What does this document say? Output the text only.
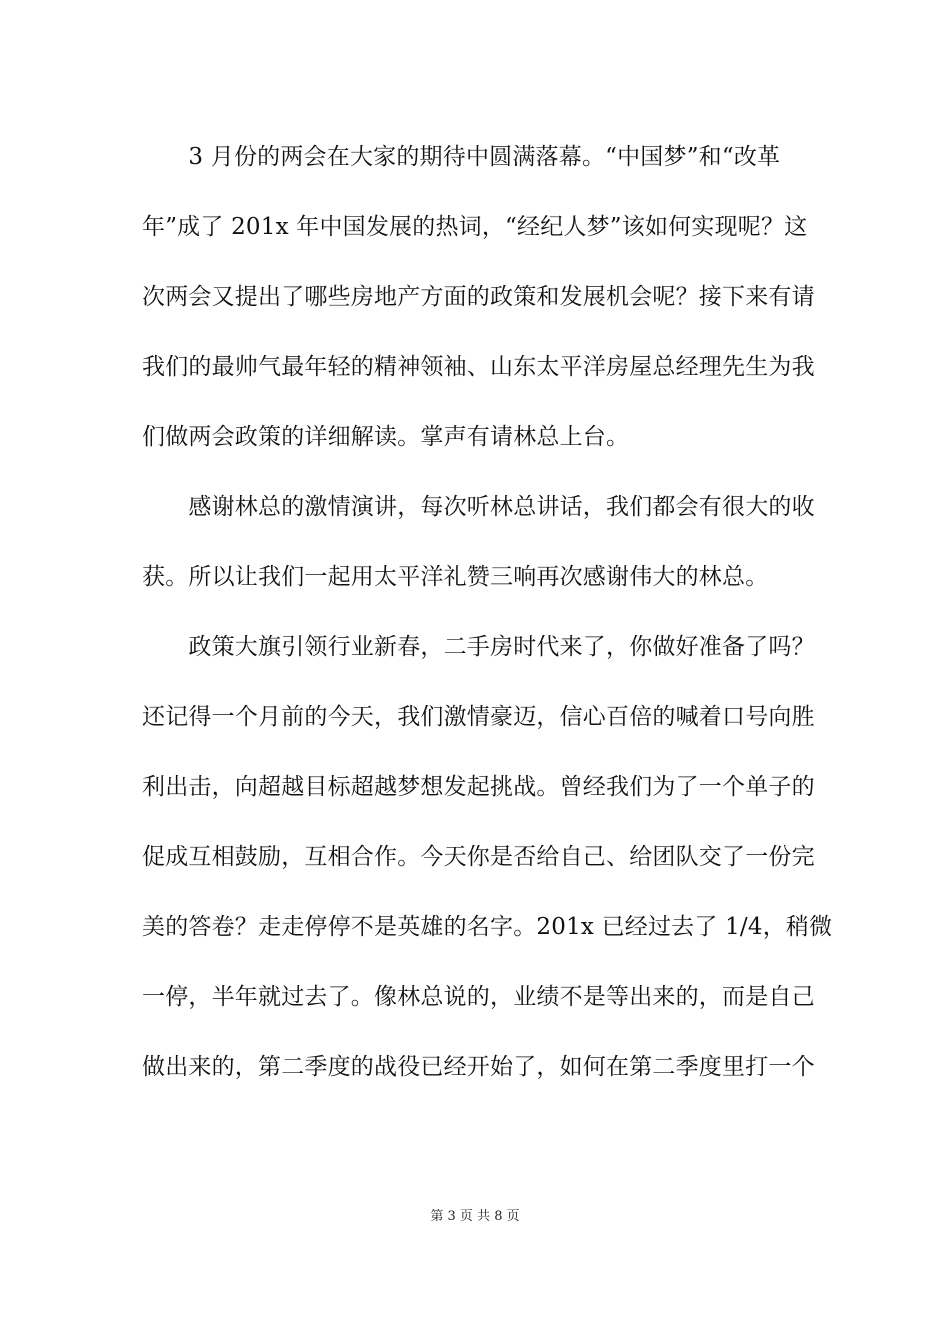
　　3 月份的两会在大家的期待中圆满落幕。“中国梦”和“改革
年”成了 201x 年中国发展的热词，“经纪人梦”该如何实现呢？这
次两会又提出了哪些房地产方面的政策和发展机会呢？接下来有请
我们的最帅气最年轻的精神领袖、山东太平洋房屋总经理先生为我
们做两会政策的详细解读。掌声有请林总上台。
　　感谢林总的激情演讲，每次听林总讲话，我们都会有很大的收
获。所以让我们一起用太平洋礼赞三响再次感谢伟大的林总。
　　政策大旗引领行业新春，二手房时代来了，你做好准备了吗？
还记得一个月前的今天，我们激情豪迈，信心百倍的喊着口号向胜
利出击，向超越目标超越梦想发起挑战。曾经我们为了一个单子的
促成互相鼓励，互相合作。今天你是否给自己、给团队交了一份完
美的答卷？走走停停不是英雄的名字。201x 已经过去了 1/4，稍微
一停，半年就过去了。像林总说的，业绩不是等出来的，而是自己
做出来的，第二季度的战役已经开始了，如何在第二季度里打一个
第 3 页 共 8 页
